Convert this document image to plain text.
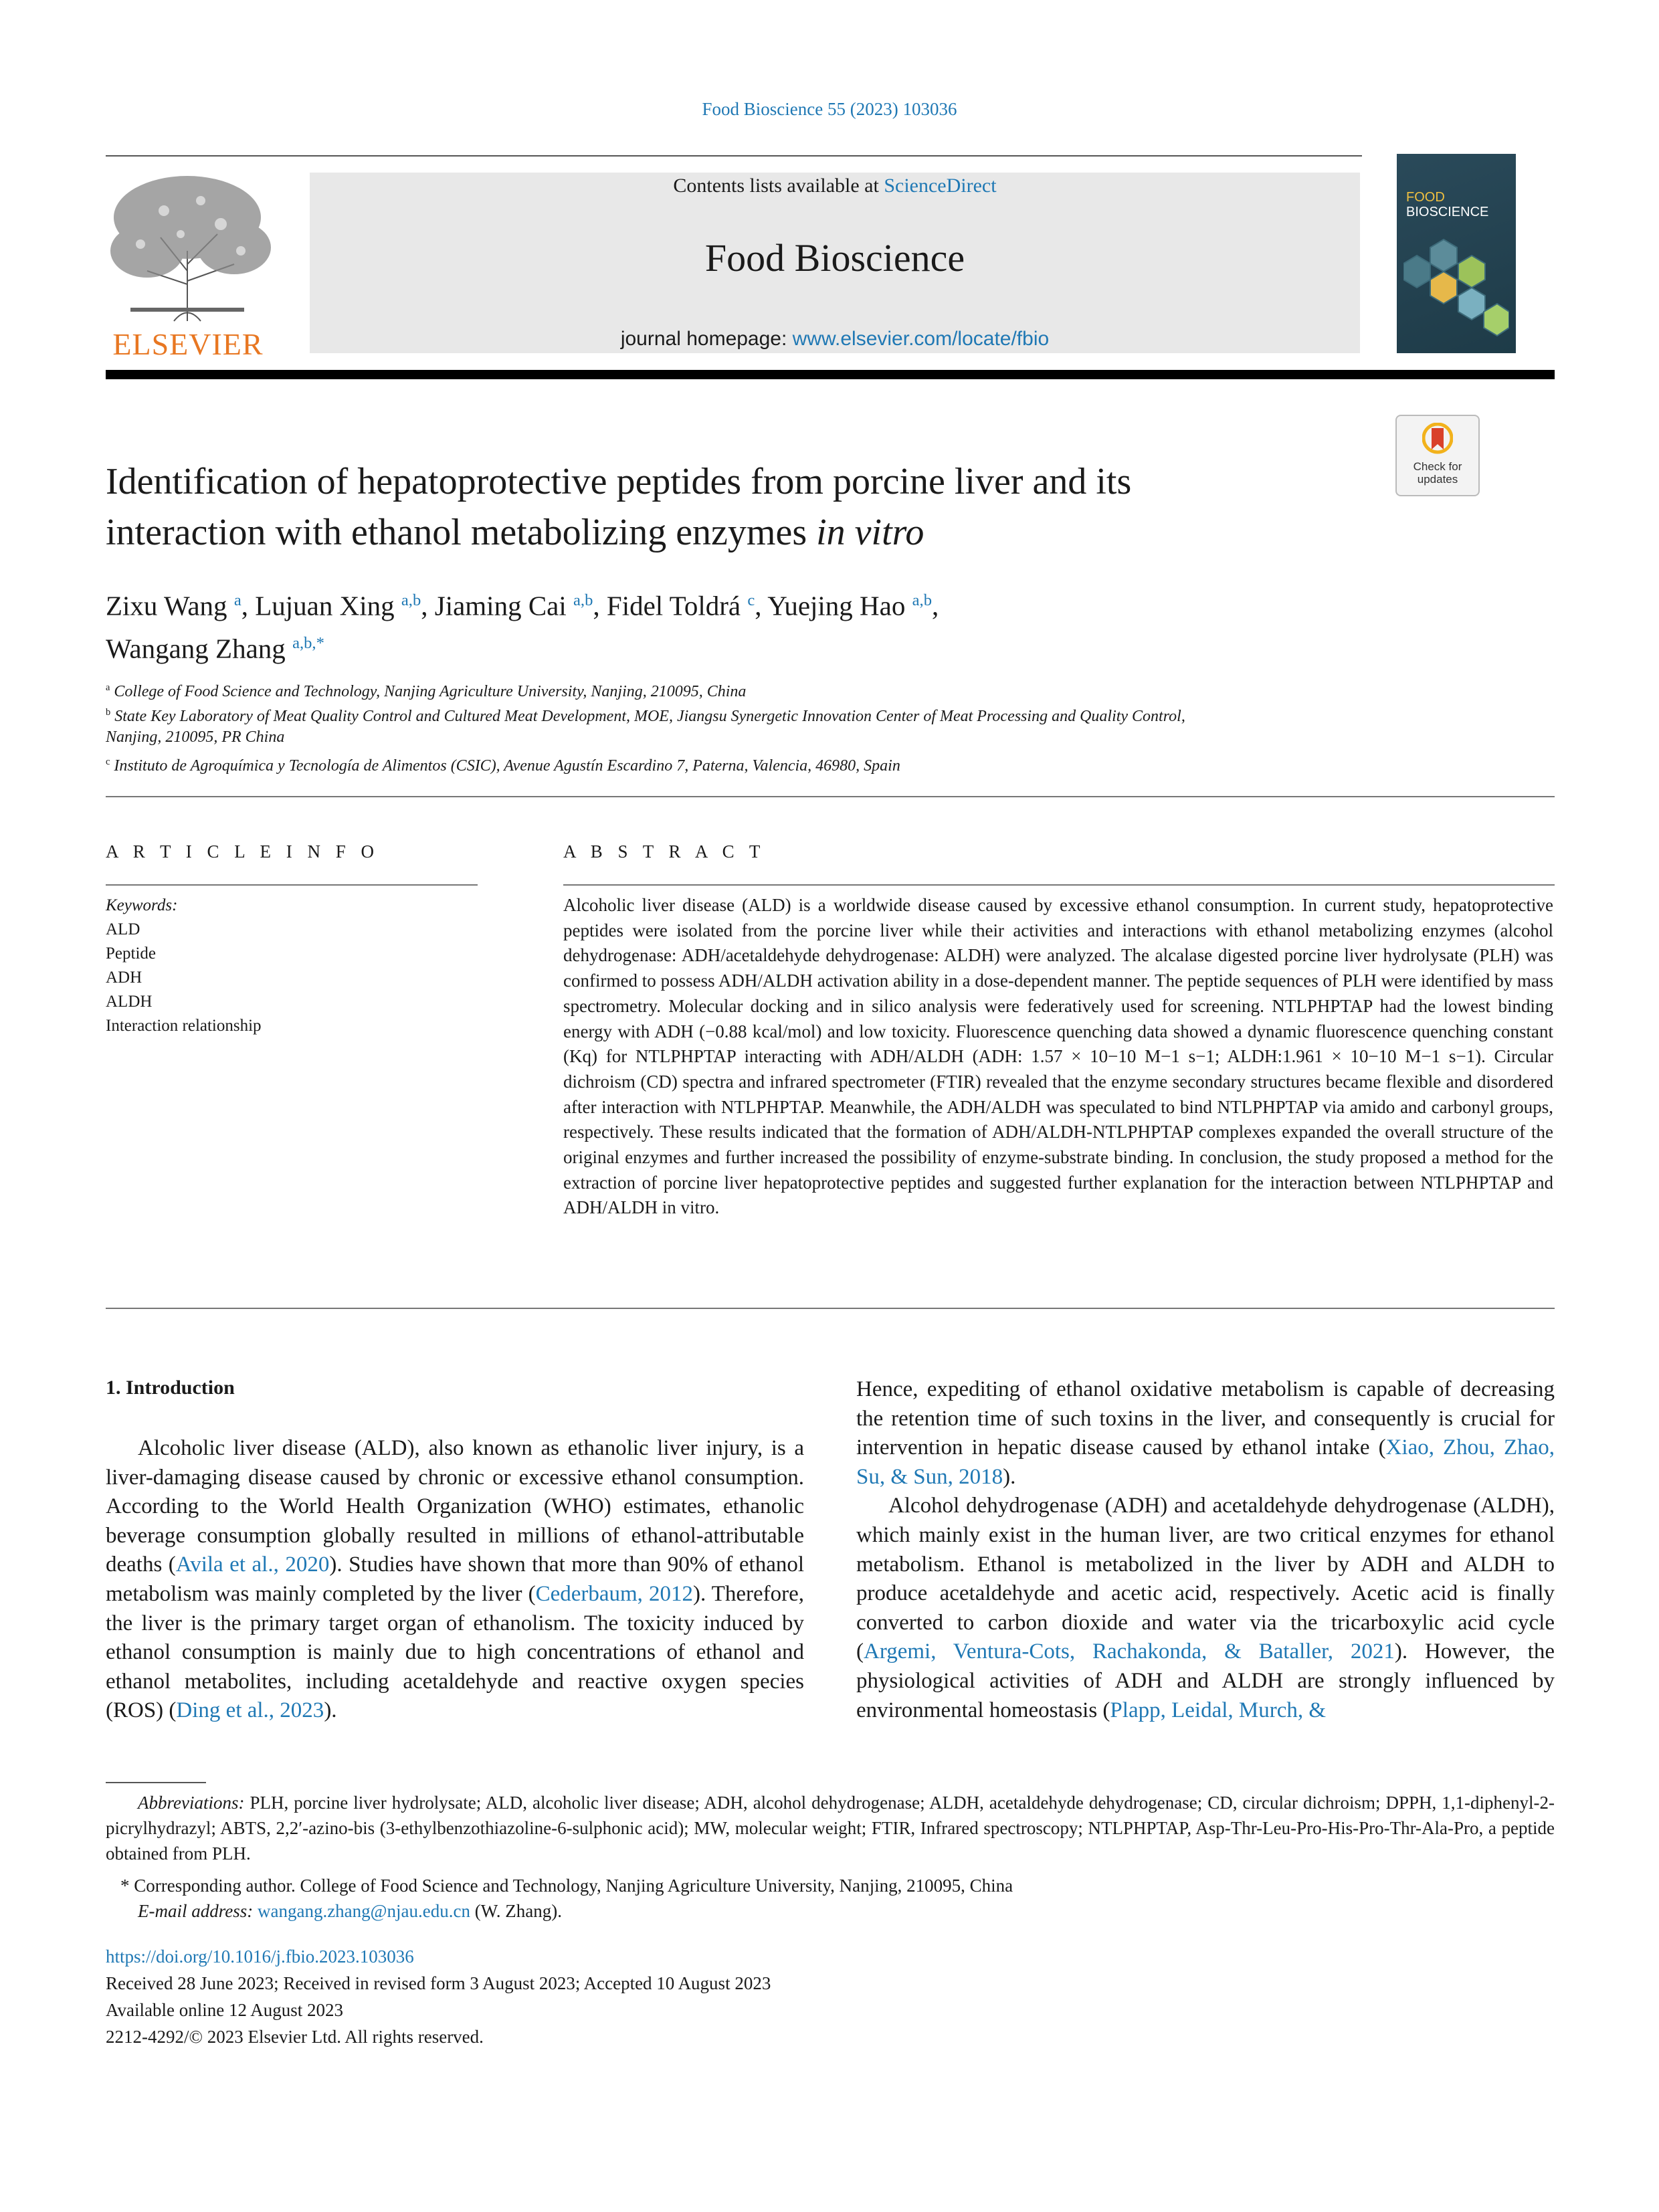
Food Bioscience 55 (2023) 103036
ELSEVIER
Contents lists available at ScienceDirect
Food Bioscience
journal homepage: www.elsevier.com/locate/fbio
FOOD
BIOSCIENCE
Check for
updates
Identification of hepatoprotective peptides from porcine liver and its
interaction with ethanol metabolizing enzymes in vitro
Zixu Wang $^a$, Lujuan Xing $^{a,b}$, Jiaming Cai $^{a,b}$, Fidel Toldrá $^c$, Yuejing Hao $^{a,b}$,
Wangang Zhang $^{a,b,*}$
$^a$ College of Food Science and Technology, Nanjing Agriculture University, Nanjing, 210095, China
$^b$ State Key Laboratory of Meat Quality Control and Cultured Meat Development, MOE, Jiangsu Synergetic Innovation Center of Meat Processing and Quality Control,
Nanjing, 210095, PR China
$^c$ Instituto de Agroquímica y Tecnología de Alimentos (CSIC), Avenue Agustín Escardino 7, Paterna, Valencia, 46980, Spain
A R T I C L E I N F O
Keywords:
ALD
Peptide
ADH
ALDH
Interaction relationship
A B S T R A C T
Alcoholic liver disease (ALD) is a worldwide disease caused by excessive ethanol consumption. In current study, hepatoprotective peptides were isolated from the porcine liver while their activities and interactions with ethanol metabolizing enzymes (alcohol dehydrogenase: ADH/acetaldehyde dehydrogenase: ALDH) were analyzed. The alcalase digested porcine liver hydrolysate (PLH) was confirmed to possess ADH/ALDH activation ability in a dose-dependent manner. The peptide sequences of PLH were identified by mass spectrometry. Molecular docking and in silico analysis were federatively used for screening. NTLPHPTAP had the lowest binding energy with ADH (−0.88 kcal/mol) and low toxicity. Fluorescence quenching data showed a dynamic fluorescence quenching constant (Kq) for NTLPHPTAP interacting with ADH/ALDH (ADH: 1.57 × 10−10 M−1 s−1; ALDH:1.961 × 10−10 M−1 s−1). Circular dichroism (CD) spectra and infrared spectrometer (FTIR) revealed that the enzyme secondary structures became flexible and disordered after interaction with NTLPHPTAP. Meanwhile, the ADH/ALDH was speculated to bind NTLPHPTAP via amido and carbonyl groups, respectively. These results indicated that the formation of ADH/ALDH-NTLPHPTAP complexes expanded the overall structure of the original enzymes and further increased the possibility of enzyme-substrate binding. In conclusion, the study proposed a method for the extraction of porcine liver hepatoprotective peptides and suggested further explanation for the interaction between NTLPHPTAP and ADH/ALDH in vitro.
1. Introduction
Alcoholic liver disease (ALD), also known as ethanolic liver injury, is a liver-damaging disease caused by chronic or excessive ethanol consumption. According to the World Health Organization (WHO) estimates, ethanolic beverage consumption globally resulted in millions of ethanol-attributable deaths (Avila et al., 2020). Studies have shown that more than 90% of ethanol metabolism was mainly completed by the liver (Cederbaum, 2012). Therefore, the liver is the primary target organ of ethanolism. The toxicity induced by ethanol consumption is mainly due to high concentrations of ethanol and ethanol metabolites, including acetaldehyde and reactive oxygen species (ROS) (Ding et al., 2023).
Hence, expediting of ethanol oxidative metabolism is capable of decreasing the retention time of such toxins in the liver, and consequently is crucial for intervention in hepatic disease caused by ethanol intake (Xiao, Zhou, Zhao, Su, & Sun, 2018).
Alcohol dehydrogenase (ADH) and acetaldehyde dehydrogenase (ALDH), which mainly exist in the human liver, are two critical enzymes for ethanol metabolism. Ethanol is metabolized in the liver by ADH and ALDH to produce acetaldehyde and acetic acid, respectively. Acetic acid is finally converted to carbon dioxide and water via the tricarboxylic acid cycle (Argemi, Ventura-Cots, Rachakonda, & Bataller, 2021). However, the physiological activities of ADH and ALDH are strongly influenced by environmental homeostasis (Plapp, Leidal, Murch, &
Abbreviations: PLH, porcine liver hydrolysate; ALD, alcoholic liver disease; ADH, alcohol dehydrogenase; ALDH, acetaldehyde dehydrogenase; CD, circular dichroism; DPPH, 1,1-diphenyl-2-picrylhydrazyl; ABTS, 2,2′-azino-bis (3-ethylbenzothiazoline-6-sulphonic acid); MW, molecular weight; FTIR, Infrared spectroscopy; NTLPHPTAP, Asp-Thr-Leu-Pro-His-Pro-Thr-Ala-Pro, a peptide obtained from PLH.
* Corresponding author. College of Food Science and Technology, Nanjing Agriculture University, Nanjing, 210095, China
E-mail address: wangang.zhang@njau.edu.cn (W. Zhang).
https://doi.org/10.1016/j.fbio.2023.103036
Received 28 June 2023; Received in revised form 3 August 2023; Accepted 10 August 2023
Available online 12 August 2023
2212-4292/© 2023 Elsevier Ltd. All rights reserved.
